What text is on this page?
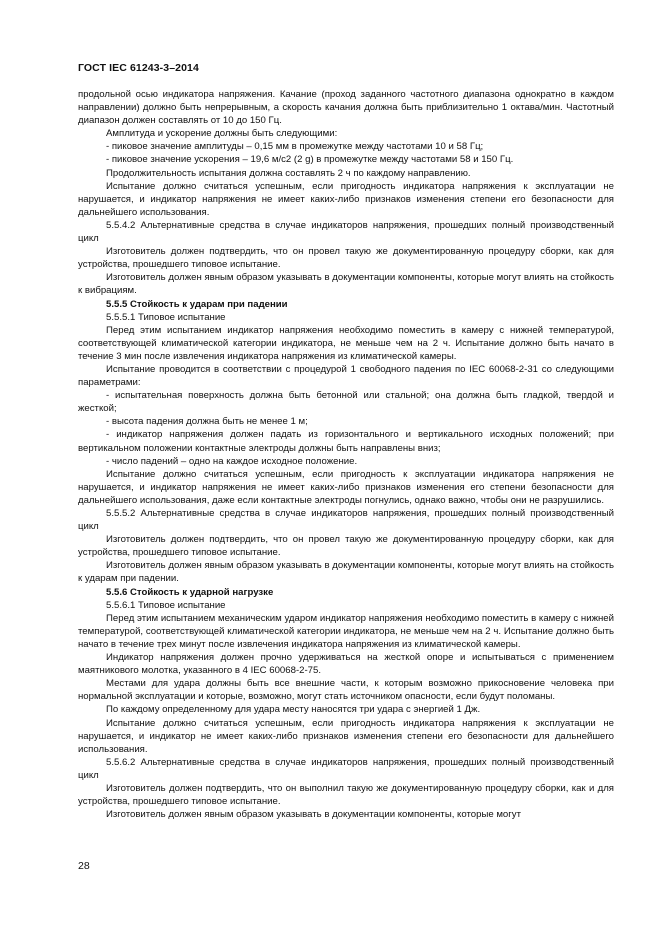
ГОСТ IEC 61243-3–2014

продольной осью индикатора напряжения. Качание (проход заданного частотного диапазона однократно в каждом направлении) должно быть непрерывным, а скорость качания должна быть приблизительно 1 октава/мин. Частотный диапазон должен составлять от 10 до 150 Гц.

Амплитуда и ускорение должны быть следующими:

- пиковое значение амплитуды – 0,15 мм в промежутке между частотами 10 и 58 Гц;

- пиковое значение ускорения – 19,6 м/с2 (2 g) в промежутке между частотами 58 и 150 Гц.

Продолжительность испытания должна составлять 2 ч по каждому направлению.

Испытание должно считаться успешным, если пригодность индикатора напряжения к эксплуатации не нарушается, и индикатор напряжения не имеет каких-либо признаков изменения степени его безопасности для дальнейшего использования.

5.5.4.2 Альтернативные средства в случае индикаторов напряжения, прошедших полный производственный цикл

Изготовитель должен подтвердить, что он провел такую же документированную процедуру сборки, как для устройства, прошедшего типовое испытание.

Изготовитель должен явным образом указывать в документации компоненты, которые могут влиять на стойкость к вибрациям.

5.5.5 Стойкость к ударам при падении

5.5.5.1 Типовое испытание

Перед этим испытанием индикатор напряжения необходимо поместить в камеру с нижней температурой, соответствующей климатической категории индикатора, не меньше чем на 2 ч. Испытание должно быть начато в течение 3 мин после извлечения индикатора напряжения из климатической камеры.

Испытание проводится в соответствии с процедурой 1 свободного падения по IEC 60068-2-31 со следующими параметрами:

- испытательная поверхность должна быть бетонной или стальной; она должна быть гладкой, твердой и жесткой;

- высота падения должна быть не менее 1 м;

- индикатор напряжения должен падать из горизонтального и вертикального исходных положений; при вертикальном положении контактные электроды должны быть направлены вниз;

- число падений – одно на каждое исходное положение.

Испытание должно считаться успешным, если пригодность к эксплуатации индикатора напряжения не нарушается, и индикатор напряжения не имеет каких-либо признаков изменения его степени безопасности для дальнейшего использования, даже если контактные электроды погнулись, однако важно, чтобы они не разрушились.

5.5.5.2 Альтернативные средства в случае индикаторов напряжения, прошедших полный производственный цикл

Изготовитель должен подтвердить, что он провел такую же документированную процедуру сборки, как для устройства, прошедшего типовое испытание.

Изготовитель должен явным образом указывать в документации компоненты, которые могут влиять на стойкость к ударам при падении.

5.5.6 Стойкость к ударной нагрузке

5.5.6.1 Типовое испытание

Перед этим испытанием механическим ударом индикатор напряжения необходимо поместить в камеру с нижней температурой, соответствующей климатической категории индикатора, не меньше чем на 2 ч. Испытание должно быть начато в течение трех минут после извлечения индикатора напряжения из климатической камеры.

Индикатор напряжения должен прочно удерживаться на жесткой опоре и испытываться с применением маятникового молотка, указанного в 4 IEC 60068-2-75.

Местами для удара должны быть все внешние части, к которым возможно прикосновение человека при нормальной эксплуатации и которые, возможно, могут стать источником опасности, если будут поломаны.

По каждому определенному для удара месту наносятся три удара с энергией 1 Дж.

Испытание должно считаться успешным, если пригодность индикатора напряжения к эксплуатации не нарушается, и индикатор не имеет каких-либо признаков изменения степени его безопасности для дальнейшего использования.

5.5.6.2 Альтернативные средства в случае индикаторов напряжения, прошедших полный производственный цикл

Изготовитель должен подтвердить, что он выполнил такую же документированную процедуру сборки, как и для устройства, прошедшего типовое испытание.

Изготовитель должен явным образом указывать в документации компоненты, которые могут

28
